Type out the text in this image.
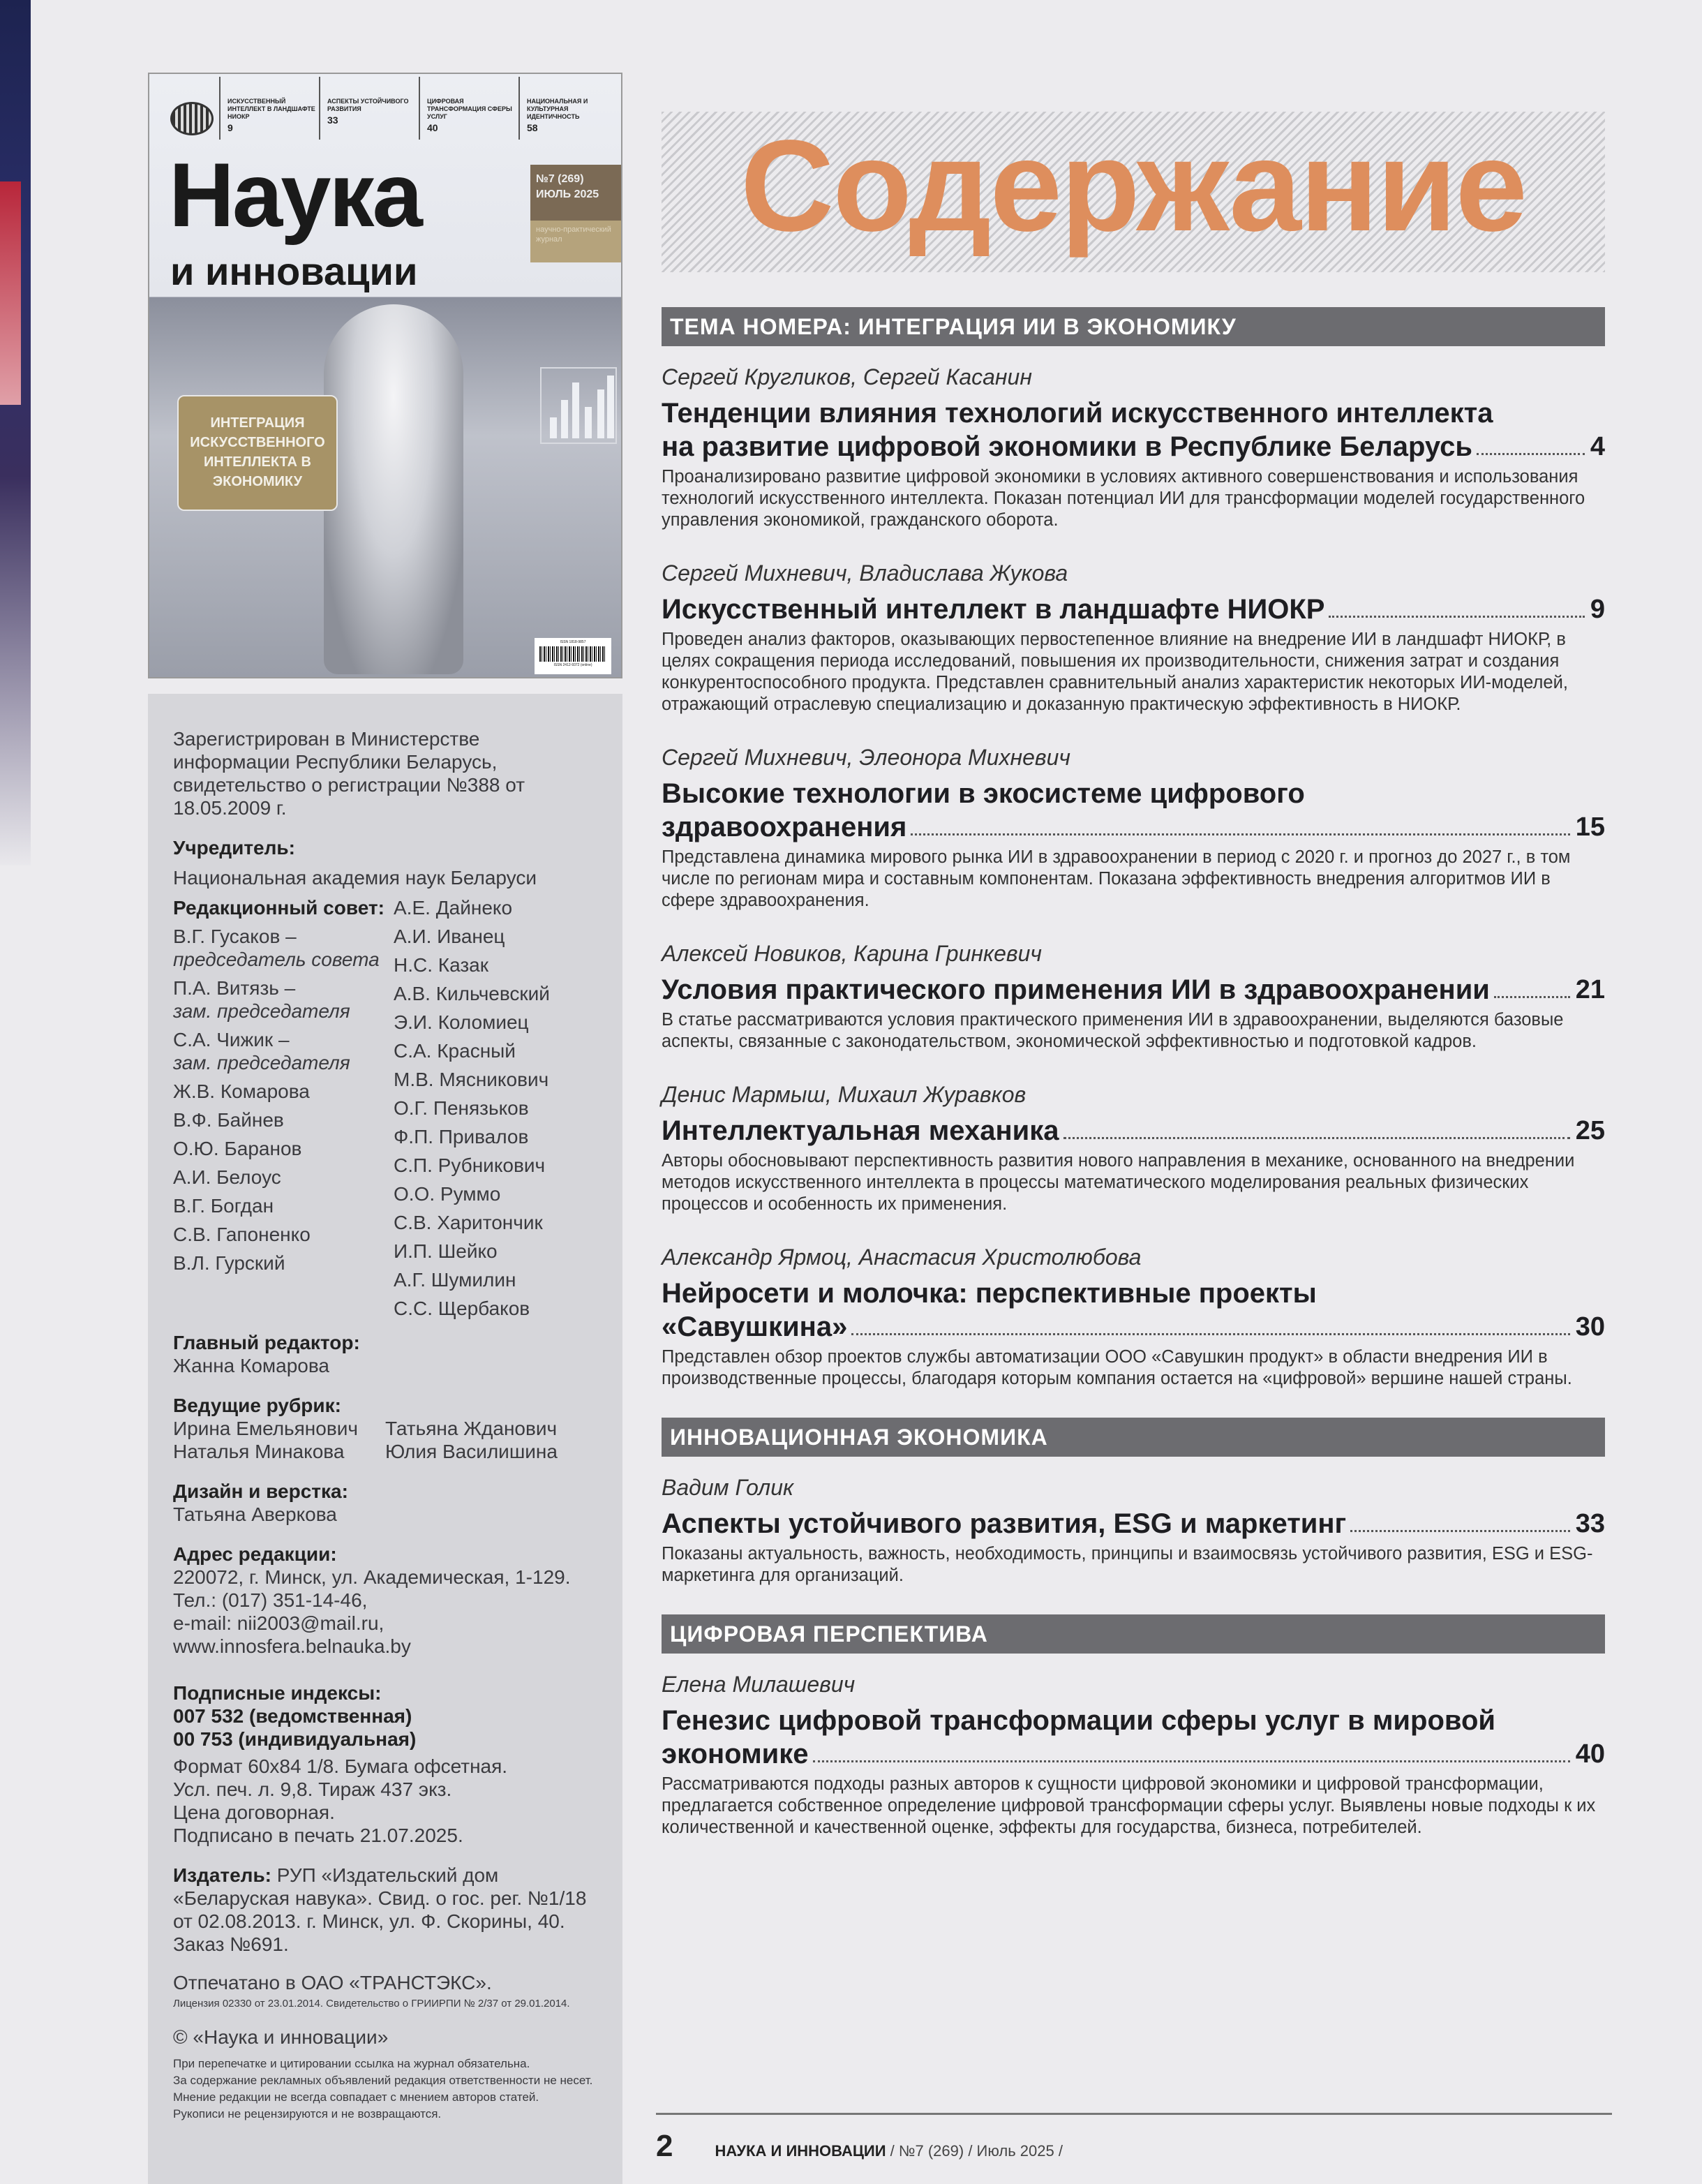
ИСКУССТВЕННЫЙ ИНТЕЛЛЕКТ В ЛАНДШАФТЕ НИОКР
9
АСПЕКТЫ УСТОЙЧИВОГО РАЗВИТИЯ
33
ЦИФРОВАЯ ТРАНСФОРМАЦИЯ СФЕРЫ УСЛУГ
40
НАЦИОНАЛЬНАЯ И КУЛЬТУРНАЯ ИДЕНТИЧНОСТЬ
58
Наука
и инновации
№7 (269)
ИЮЛЬ 2025
научно-практический журнал
ИНТЕГРАЦИЯ ИСКУССТВЕННОГО ИНТЕЛЛЕКТА В ЭКОНОМИКУ
ISSN 1818-9857
ISSN 2412-9372 (online)

Зарегистрирован в Министерстве информации Республики Беларусь, свидетельство о регистрации №388 от 18.05.2009 г.

Учредитель:

Национальная академия наук Беларуси

Редакционный совет:
В.Г. Гусаков –
председатель совета
П.А. Витязь –
зам. председателя
С.А. Чижик –
зам. председателя
Ж.В. Комарова
В.Ф. Байнев
О.Ю. Баранов
А.И. Белоус
В.Г. Богдан
С.В. Гапоненко
В.Л. Гурский
А.Е. Дайнеко
А.И. Иванец
Н.С. Казак
А.В. Кильчевский
Э.И. Коломиец
С.А. Красный
М.В. Мясникович
О.Г. Пенязьков
Ф.П. Привалов
С.П. Рубникович
О.О. Руммо
С.В. Харитончик
И.П. Шейко
А.Г. Шумилин
С.С. Щербаков

Главный редактор:

Жанна Комарова

Ведущие рубрик:

Ирина Емельянович
Наталья Минакова
Татьяна Жданович
Юлия Василишина

Дизайн и верстка:

Татьяна Аверкова

Адрес редакции:

220072, г. Минск, ул. Академическая, 1-129.
Тел.: (017) 351-14-46,
e-mail: nii2003@mail.ru,
www.innosfera.belnauka.by

Подписные индексы:

007 532 (ведомственная)
00 753 (индивидуальная)
Формат 60x84 1/8. Бумага офсетная.
Усл. печ. л. 9,8. Тираж 437 экз.
Цена договорная.
Подписано в печать 21.07.2025.

Издатель: РУП «Издательский дом «Беларуская навука». Свид. о гос. рег. №1/18 от 02.08.2013. г. Минск, ул. Ф. Скорины, 40. Заказ №691.

Отпечатано в ОАО «ТРАНСТЭКС».

Лицензия 02330 от 23.01.2014. Свидетельство о ГРИИРПИ № 2/37 от 29.01.2014.

© «Наука и инновации»

При перепечатке и цитировании ссылка на журнал обязательна.
За содержание рекламных объявлений редакция ответственности не несет.
Мнение редакции не всегда совпадает с мнением авторов статей.
Рукописи не рецензируются и не возвращаются.
Содержание
ТЕМА НОМЕРА: ИНТЕГРАЦИЯ ИИ В ЭКОНОМИКУ
Сергей Кругликов, Сергей Касанин
Тенденции влияния технологий искусственного интеллекта
на развитие цифровой экономики в Республике Беларусь	4
Проанализировано развитие цифровой экономики в условиях активного совершенствования и использования технологий искусственного интеллекта. Показан потенциал ИИ для трансформации моделей государственного управления экономикой, гражданского оборота.
Сергей Михневич, Владислава Жукова
Искусственный интеллект в ландшафте НИОКР	9
Проведен анализ факторов, оказывающих первостепенное влияние на внедрение ИИ в ландшафт НИОКР, в целях сокращения периода исследований, повышения их производительности, снижения затрат и создания конкурентоспособного продукта. Представлен сравнительный анализ характеристик некоторых ИИ-моделей, отражающий отраслевую специализацию и доказанную практическую эффективность в НИОКР.
Сергей Михневич, Элеонора Михневич
Высокие технологии в экосистеме цифрового
здравоохранения	15
Представлена динамика мирового рынка ИИ в здравоохранении в период с 2020 г. и прогноз до 2027 г., в том числе по регионам мира и составным компонентам. Показана эффективность внедрения алгоритмов ИИ в сфере здравоохранения.
Алексей Новиков, Карина Гринкевич
Условия практического применения ИИ в здравоохранении	21
В статье рассматриваются условия практического применения ИИ в здравоохранении, выделяются базовые аспекты, связанные с законодательством, экономической эффективностью и подготовкой кадров.
Денис Мармыш, Михаил Журавков
Интеллектуальная механика	25
Авторы обосновывают перспективность развития нового направления в механике, основанного на внедрении методов искусственного интеллекта в процессы математического моделирования реальных физических процессов и особенность их применения.
Александр Ярмоц, Анастасия Христолюбова
Нейросети и молочка: перспективные проекты
«Савушкина»	30
Представлен обзор проектов службы автоматизации ООО «Савушкин продукт» в области внедрения ИИ в производственные процессы, благодаря которым компания остается на «цифровой» вершине нашей страны.
ИННОВАЦИОННАЯ ЭКОНОМИКА
Вадим Голик
Аспекты устойчивого развития, ESG и маркетинг	33
Показаны актуальность, важность, необходимость, принципы и взаимосвязь устойчивого развития, ESG и ESG-маркетинга для организаций.
ЦИФРОВАЯ ПЕРСПЕКТИВА
Елена Милашевич
Генезис цифровой трансформации сферы услуг в мировой
экономике	40
Рассматриваются подходы разных авторов к сущности цифровой экономики и цифровой трансформации, предлагается собственное определение цифровой трансформации сферы услуг. Выявлены новые подходы к их количественной и качественной оценке, эффекты для государства, бизнеса, потребителей.
2	НАУКА И ИННОВАЦИИ / №7 (269) / Июль 2025 /
